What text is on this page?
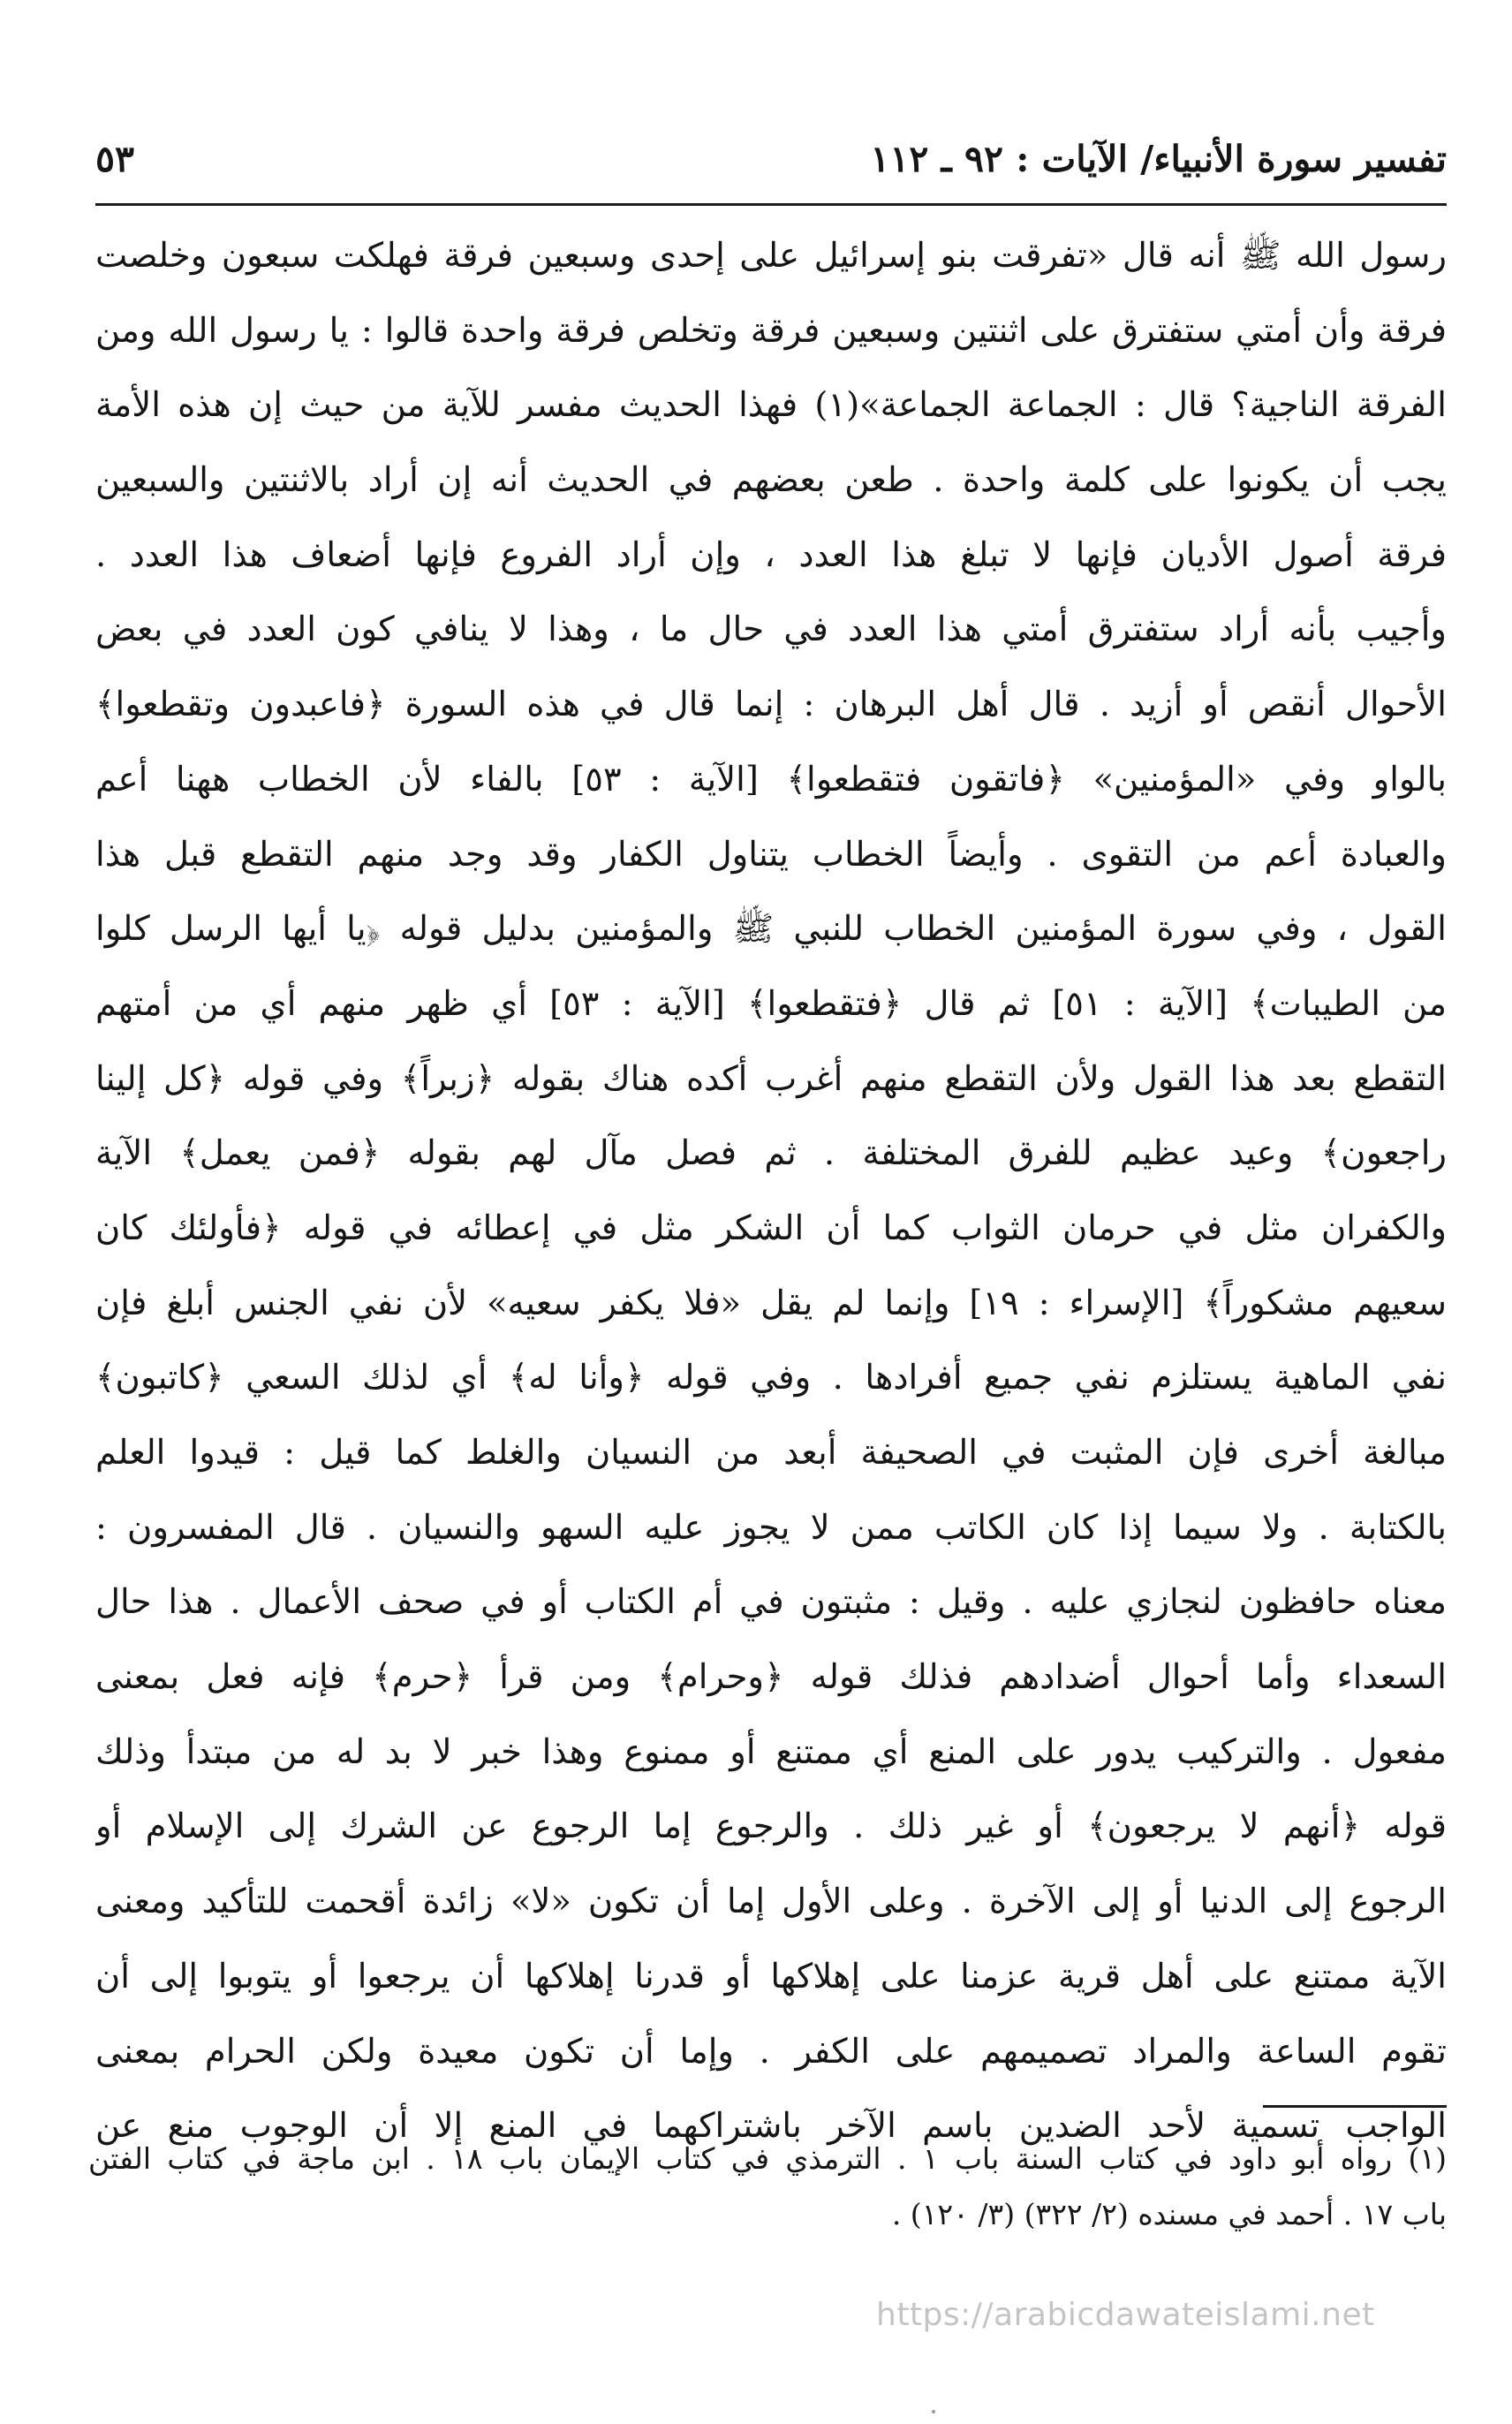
تفسير سورة الأنبياء/ الآيات : ٩٢ ـ ١١٢
٥٣
رسول الله ﷺ أنه قال «تفرقت بنو إسرائيل على إحدى وسبعين فرقة فهلكت سبعون وخلصت
فرقة وأن أمتي ستفترق على اثنتين وسبعين فرقة وتخلص فرقة واحدة قالوا : يا رسول الله ومن
الفرقة الناجية؟ قال : الجماعة الجماعة»(١) فهذا الحديث مفسر للآية من حيث إن هذه الأمة
يجب أن يكونوا على كلمة واحدة . طعن بعضهم في الحديث أنه إن أراد بالاثنتين والسبعين
فرقة أصول الأديان فإنها لا تبلغ هذا العدد ، وإن أراد الفروع فإنها أضعاف هذا العدد .
وأجيب بأنه أراد ستفترق أمتي هذا العدد في حال ما ، وهذا لا ينافي كون العدد في بعض
الأحوال أنقص أو أزيد . قال أهل البرهان : إنما قال في هذه السورة ﴿فاعبدون وتقطعوا﴾
بالواو وفي «المؤمنين» ﴿فاتقون فتقطعوا﴾ [الآية : ٥٣] بالفاء لأن الخطاب ههنا أعم
والعبادة أعم من التقوى . وأيضاً الخطاب يتناول الكفار وقد وجد منهم التقطع قبل هذا
القول ، وفي سورة المؤمنين الخطاب للنبي ﷺ والمؤمنين بدليل قوله ﴿يا أيها الرسل كلوا
من الطيبات﴾ [الآية : ٥١] ثم قال ﴿فتقطعوا﴾ [الآية : ٥٣] أي ظهر منهم أي من أمتهم
التقطع بعد هذا القول ولأن التقطع منهم أغرب أكده هناك بقوله ﴿زبراً﴾ وفي قوله ﴿كل إلينا
راجعون﴾ وعيد عظيم للفرق المختلفة . ثم فصل مآل لهم بقوله ﴿فمن يعمل﴾ الآية
والكفران مثل في حرمان الثواب كما أن الشكر مثل في إعطائه في قوله ﴿فأولئك كان
سعيهم مشكوراً﴾ [الإسراء : ١٩] وإنما لم يقل «فلا يكفر سعيه» لأن نفي الجنس أبلغ فإن
نفي الماهية يستلزم نفي جميع أفرادها . وفي قوله ﴿وأنا له﴾ أي لذلك السعي ﴿كاتبون﴾
مبالغة أخرى فإن المثبت في الصحيفة أبعد من النسيان والغلط كما قيل : قيدوا العلم
بالكتابة . ولا سيما إذا كان الكاتب ممن لا يجوز عليه السهو والنسيان . قال المفسرون :
معناه حافظون لنجازي عليه . وقيل : مثبتون في أم الكتاب أو في صحف الأعمال . هذا حال
السعداء وأما أحوال أضدادهم فذلك قوله ﴿وحرام﴾ ومن قرأ ﴿حرم﴾ فإنه فعل بمعنى
مفعول . والتركيب يدور على المنع أي ممتنع أو ممنوع وهذا خبر لا بد له من مبتدأ وذلك
قوله ﴿أنهم لا يرجعون﴾ أو غير ذلك . والرجوع إما الرجوع عن الشرك إلى الإسلام أو
الرجوع إلى الدنيا أو إلى الآخرة . وعلى الأول إما أن تكون «لا» زائدة أقحمت للتأكيد ومعنى
الآية ممتنع على أهل قرية عزمنا على إهلاكها أو قدرنا إهلاكها أن يرجعوا أو يتوبوا إلى أن
تقوم الساعة والمراد تصميمهم على الكفر . وإما أن تكون معيدة ولكن الحرام بمعنى
الواجب تسمية لأحد الضدين باسم الآخر باشتراكهما في المنع إلا أن الوجوب منع عن
(١) رواه أبو داود في كتاب السنة باب ١ . الترمذي في كتاب الإيمان باب ١٨ . ابن ماجة في كتاب الفتن
باب ١٧ . أحمد في مسنده (٢/ ٣٢٢) (٣/ ١٢٠) .
https://arabicdawateislami.net
